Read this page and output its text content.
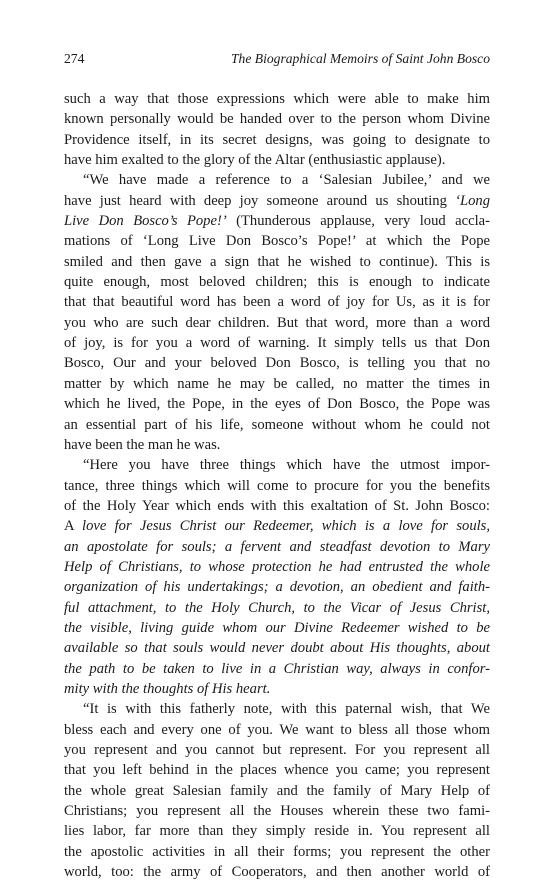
274	The Biographical Memoirs of Saint John Bosco
such a way that those expressions which were able to make him
known personally would be handed over to the person whom Divine
Providence itself, in its secret designs, was going to designate to
have him exalted to the glory of the Altar (enthusiastic applause).
“We have made a reference to a ‘Salesian Jubilee,’ and we
have just heard with deep joy someone around us shouting ‘Long
Live Don Bosco’s Pope!’ (Thunderous applause, very loud accla-
mations of ‘Long Live Don Bosco’s Pope!’ at which the Pope
smiled and then gave a sign that he wished to continue). This is
quite enough, most beloved children; this is enough to indicate
that that beautiful word has been a word of joy for Us, as it is for
you who are such dear children. But that word, more than a word
of joy, is for you a word of warning. It simply tells us that Don
Bosco, Our and your beloved Don Bosco, is telling you that no
matter by which name he may be called, no matter the times in
which he lived, the Pope, in the eyes of Don Bosco, the Pope was
an essential part of his life, someone without whom he could not
have been the man he was.
“Here you have three things which have the utmost impor-
tance, three things which will come to procure for you the benefits
of the Holy Year which ends with this exaltation of St. John Bosco:
A love for Jesus Christ our Redeemer, which is a love for souls,
an apostolate for souls; a fervent and steadfast devotion to Mary
Help of Christians, to whose protection he had entrusted the whole
organization of his undertakings; a devotion, an obedient and faith-
ful attachment, to the Holy Church, to the Vicar of Jesus Christ,
the visible, living guide whom our Divine Redeemer wished to be
available so that souls would never doubt about His thoughts, about
the path to be taken to live in a Christian way, always in confor-
mity with the thoughts of His heart.
“It is with this fatherly note, with this paternal wish, that We
bless each and every one of you. We want to bless all those whom
you represent and you cannot but represent. For you represent all
that you left behind in the places whence you came; you represent
the whole great Salesian family and the family of Mary Help of
Christians; you represent all the Houses wherein these two fami-
lies labor, far more than they simply reside in. You represent all
the apostolic activities in all their forms; you represent the other
world, too: the army of Cooperators, and then another world of
